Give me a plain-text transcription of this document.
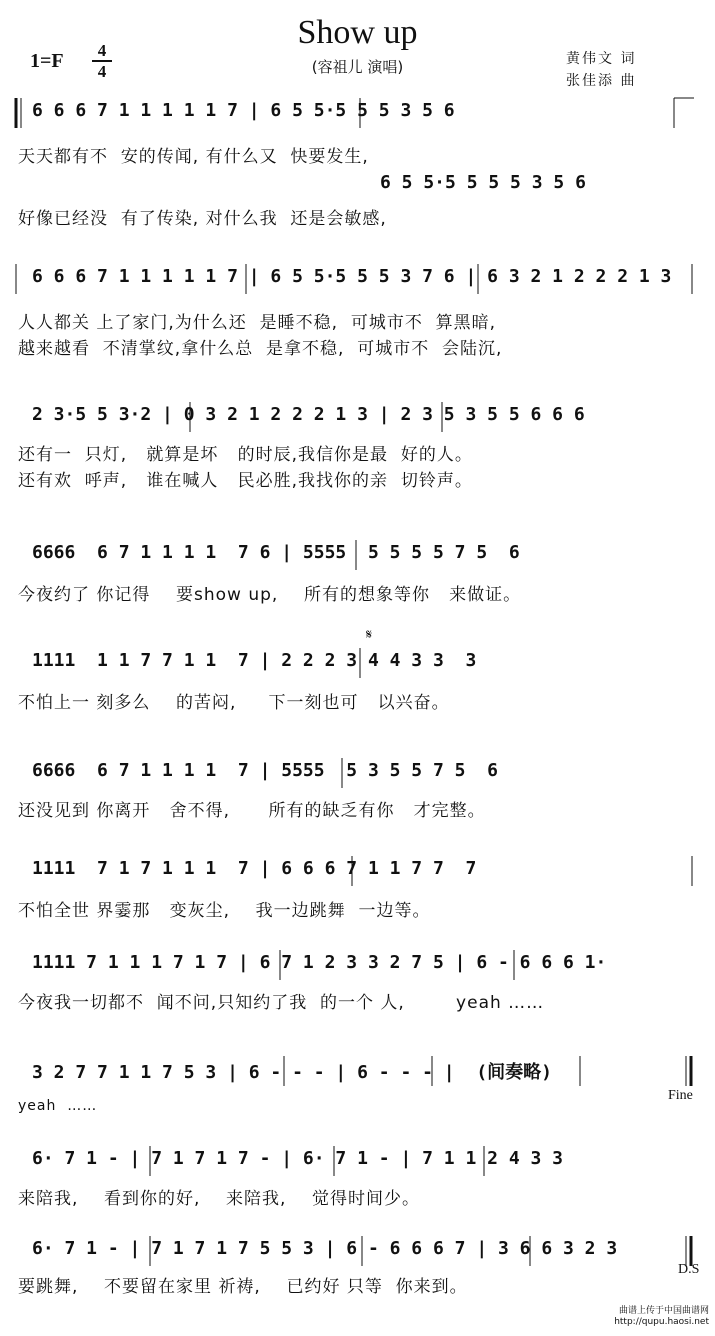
Show up
(容祖儿 演唱)
1=F	4
4
黄伟文 词
张佳添 曲
6 6 6 7 1 1 1 1 1 7 | 6 5 5·5 5 5 3 5 6
天天都有不  安的传闻, 有什么又  快要发生,
6 5 5·5 5 5 5 3 5 6
好像已经没  有了传染, 对什么我  还是会敏感,
6 6 6 7 1 1 1 1 1 7 | 6 5 5·5 5 5 3 7 6 | 6 3 2 1 2 2 2 1 3
人人都关 上了家门,为什么还  是睡不稳,  可城市不  算黑暗,
越来越看  不清掌纹,拿什么总  是拿不稳,  可城市不  会陆沉,
2 3·5 5 3·2 | 0 3 2 1 2 2 2 1 3 | 2 3 5 3 5 5 6 6 6
还有一  只灯,   就算是坏   的时辰,我信你是最  好的人。
还有欢  呼声,   谁在喊人   民必胜,我找你的亲  切铃声。
6666  6 7 1 1 1 1  7 6 | 5555  5 5 5 5 7 5  6
今夜约了 你记得    要show up,    所有的想象等你   来做证。
𝄋
1111  1 1 7 7 1 1  7 | 2 2 2 3 4 4 3 3  3
不怕上一 刻多么    的苦闷,     下一刻也可   以兴奋。
6666  6 7 1 1 1 1  7 | 5555  5 3 5 5 7 5  6
还没见到 你离开   舍不得,      所有的缺乏有你   才完整。
1111  7 1 7 1 1 1  7 | 6 6 6 7 1 1 7 7  7
不怕全世 界霎那   变灰尘,    我一边跳舞  一边等。
1111 7 1 1 1 7 1 7 | 6 7 1 2 3 3 2 7 5 | 6 - 6 6 6 1·
今夜我一切都不  闻不问,只知约了我  的一个 人,        yeah ……
3 2 7 7 1 1 7 5 3 | 6 - - - | 6 - - - |  (间奏略)
yeah  ……
Fine
6· 7 1 - | 7 1 7 1 7 - | 6· 7 1 - | 7 1 1 2 4 3 3
来陪我,    看到你的好,    来陪我,    觉得时间少。
6· 7 1 - | 7 1 7 1 7 5 5 3 | 6 - 6 6 6 7 | 3 6 6 3 2 3
要跳舞,    不要留在家里 祈祷,    已约好 只等  你来到。
D.S
曲谱上传于中国曲谱网
http://qupu.haosi.net
